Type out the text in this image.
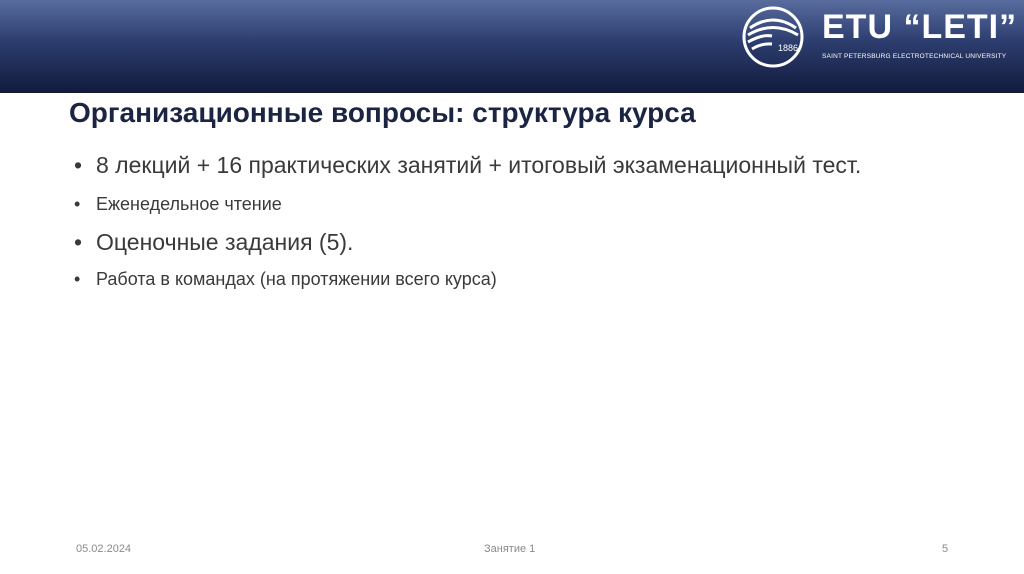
1886
ETU “LETI”
SAINT PETERSBURG ELECTROTECHNICAL UNIVERSITY
Организационные вопросы: структура курса
• 8 лекций + 16 практических занятий + итоговый экзаменационный тест.
• Еженедельное чтение
• Оценочные задания (5).
• Работа в командах (на протяжении всего курса)
05.02.2024	Занятие 1	5
